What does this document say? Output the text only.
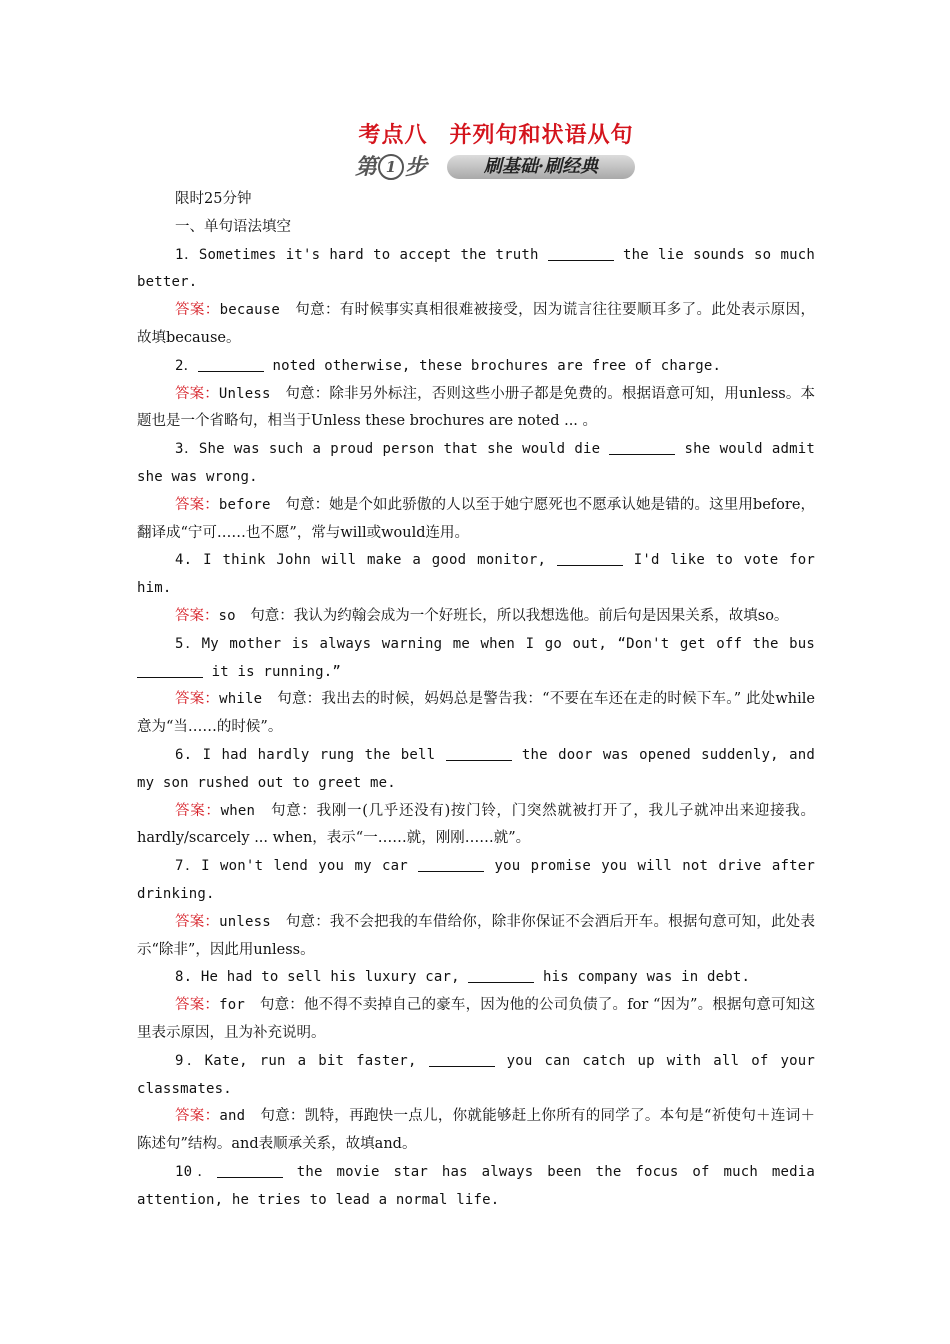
考点八 并列句和状语从句
第 1 步	刷基础·刷经典

限时25分钟

一、单句语法填空

1．Sometimes it's hard to accept the truth	the lie sounds so much better.

答案：because　句意：有时候事实真相很难被接受，因为谎言往往要顺耳多了。此处表示原因，故填because。

2．	noted otherwise, these brochures are free of charge.

答案：Unless　句意：除非另外标注，否则这些小册子都是免费的。根据语意可知，用unless。本题也是一个省略句，相当于Unless these brochures are noted ... 。

3．She was such a proud person that she would die	she would admit she was wrong.

答案：before　句意：她是个如此骄傲的人以至于她宁愿死也不愿承认她是错的。这里用before，翻译成“宁可……也不愿”，常与will或would连用。

4. I think John will make a good monitor,	I'd like to vote for him.

答案：so　句意：我认为约翰会成为一个好班长，所以我想选他。前后句是因果关系，故填so。

5．My mother is always warning me when I go out, “Don't get off the bus  it is running.”

答案：while　句意：我出去的时候，妈妈总是警告我：“不要在车还在走的时候下车。” 此处while意为“当……的时候”。

6. I had hardly rung the bell	the door was opened suddenly, and my son rushed out to greet me.

答案：when　句意：我刚一(几乎还没有)按门铃，门突然就被打开了，我儿子就冲出来迎接我。hardly/scarcely ... when，表示“一……就，刚刚……就”。

7．I won't lend you my car	you promise you will not drive after drinking.

答案：unless　句意：我不会把我的车借给你，除非你保证不会酒后开车。根据句意可知，此处表示“除非”，因此用unless。

8. He had to sell his luxury car,	his company was in debt.

答案：for　句意：他不得不卖掉自己的豪车，因为他的公司负债了。for “因为”。根据句意可知这里表示原因，且为补充说明。

9．Kate, run a bit faster,	you can catch up with all of your classmates.

答案：and　句意：凯特，再跑快一点儿，你就能够赶上你所有的同学了。本句是“祈使句＋连词＋陈述句”结构。and表顺承关系，故填and。

10．	the movie star has always been the focus of much media attention, he tries to lead a normal life.
